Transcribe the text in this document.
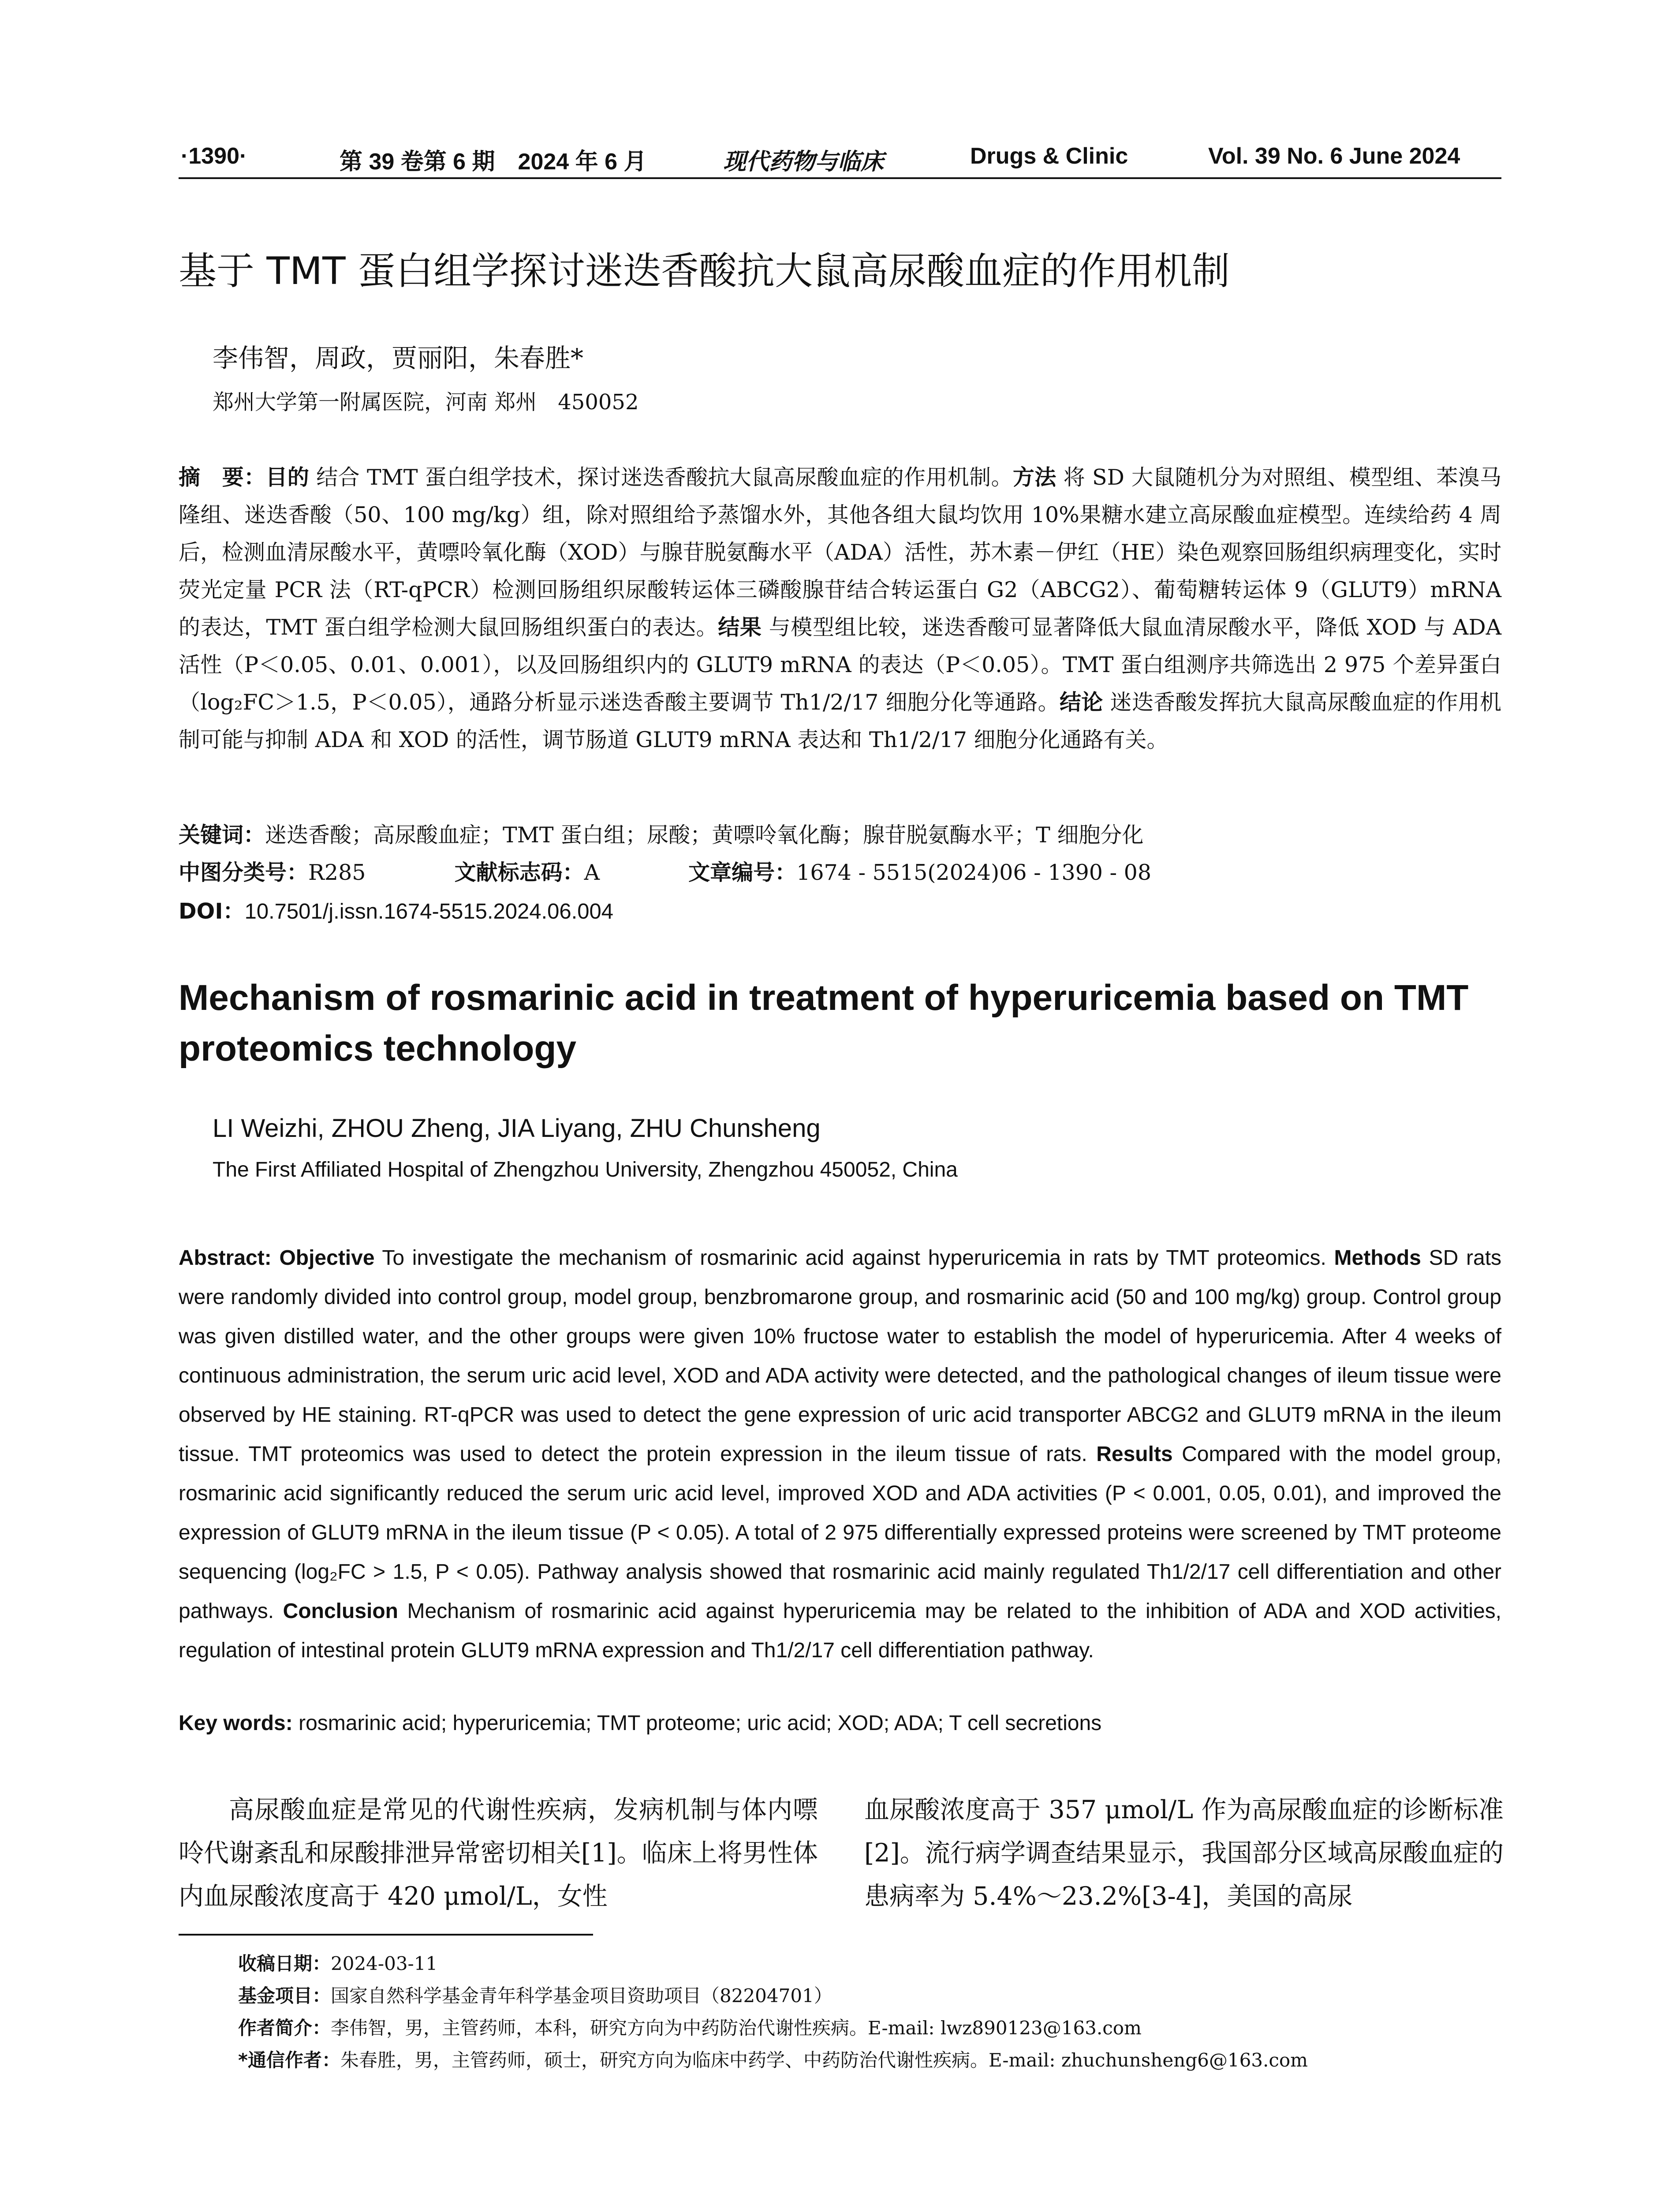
·1390·	第 39 卷第 6 期　2024 年 6 月	现代药物与临床	Drugs & Clinic	Vol. 39 No. 6 June 2024
基于 TMT 蛋白组学探讨迷迭香酸抗大鼠高尿酸血症的作用机制
李伟智，周政，贾丽阳，朱春胜*
郑州大学第一附属医院，河南 郑州　450052
摘　要：目的 结合 TMT 蛋白组学技术，探讨迷迭香酸抗大鼠高尿酸血症的作用机制。方法 将 SD 大鼠随机分为对照组、模型组、苯溴马隆组、迷迭香酸（50、100 mg/kg）组，除对照组给予蒸馏水外，其他各组大鼠均饮用 10%果糖水建立高尿酸血症模型。连续给药 4 周后，检测血清尿酸水平，黄嘌呤氧化酶（XOD）与腺苷脱氨酶水平（ADA）活性，苏木素－伊红（HE）染色观察回肠组织病理变化，实时荧光定量 PCR 法（RT-qPCR）检测回肠组织尿酸转运体三磷酸腺苷结合转运蛋白 G2（ABCG2）、葡萄糖转运体 9（GLUT9）mRNA 的表达，TMT 蛋白组学检测大鼠回肠组织蛋白的表达。结果 与模型组比较，迷迭香酸可显著降低大鼠血清尿酸水平，降低 XOD 与 ADA 活性（P＜0.05、0.01、0.001），以及回肠组织内的 GLUT9 mRNA 的表达（P＜0.05）。TMT 蛋白组测序共筛选出 2 975 个差异蛋白（log₂FC＞1.5，P＜0.05），通路分析显示迷迭香酸主要调节 Th1/2/17 细胞分化等通路。结论 迷迭香酸发挥抗大鼠高尿酸血症的作用机制可能与抑制 ADA 和 XOD 的活性，调节肠道 GLUT9 mRNA 表达和 Th1/2/17 细胞分化通路有关。
关键词：迷迭香酸；高尿酸血症；TMT 蛋白组；尿酸；黄嘌呤氧化酶；腺苷脱氨酶水平；T 细胞分化
中图分类号：R285	文献标志码：A	文章编号：1674 - 5515(2024)06 - 1390 - 08
DOI：10.7501/j.issn.1674-5515.2024.06.004
Mechanism of rosmarinic acid in treatment of hyperuricemia based on TMT proteomics technology
LI Weizhi, ZHOU Zheng, JIA Liyang, ZHU Chunsheng
The First Affiliated Hospital of Zhengzhou University, Zhengzhou 450052, China
Abstract: Objective To investigate the mechanism of rosmarinic acid against hyperuricemia in rats by TMT proteomics. Methods SD rats were randomly divided into control group, model group, benzbromarone group, and rosmarinic acid (50 and 100 mg/kg) group. Control group was given distilled water, and the other groups were given 10% fructose water to establish the model of hyperuricemia. After 4 weeks of continuous administration, the serum uric acid level, XOD and ADA activity were detected, and the pathological changes of ileum tissue were observed by HE staining. RT-qPCR was used to detect the gene expression of uric acid transporter ABCG2 and GLUT9 mRNA in the ileum tissue. TMT proteomics was used to detect the protein expression in the ileum tissue of rats. Results Compared with the model group, rosmarinic acid significantly reduced the serum uric acid level, improved XOD and ADA activities (P < 0.001, 0.05, 0.01), and improved the expression of GLUT9 mRNA in the ileum tissue (P < 0.05). A total of 2 975 differentially expressed proteins were screened by TMT proteome sequencing (log₂FC > 1.5, P < 0.05). Pathway analysis showed that rosmarinic acid mainly regulated Th1/2/17 cell differentiation and other pathways. Conclusion Mechanism of rosmarinic acid against hyperuricemia may be related to the inhibition of ADA and XOD activities, regulation of intestinal protein GLUT9 mRNA expression and Th1/2/17 cell differentiation pathway.
Key words: rosmarinic acid; hyperuricemia; TMT proteome; uric acid; XOD; ADA; T cell secretions
高尿酸血症是常见的代谢性疾病，发病机制与体内嘌呤代谢紊乱和尿酸排泄异常密切相关[1]。临床上将男性体内血尿酸浓度高于 420 μmol/L，女性
血尿酸浓度高于 357 μmol/L 作为高尿酸血症的诊断标准[2]。流行病学调查结果显示，我国部分区域高尿酸血症的患病率为 5.4%～23.2%[3-4]，美国的高尿
收稿日期：2024-03-11
基金项目：国家自然科学基金青年科学基金项目资助项目（82204701）
作者简介：李伟智，男，主管药师，本科，研究方向为中药防治代谢性疾病。E-mail: lwz890123@163.com
*通信作者：朱春胜，男，主管药师，硕士，研究方向为临床中药学、中药防治代谢性疾病。E-mail: zhuchunsheng6@163.com
